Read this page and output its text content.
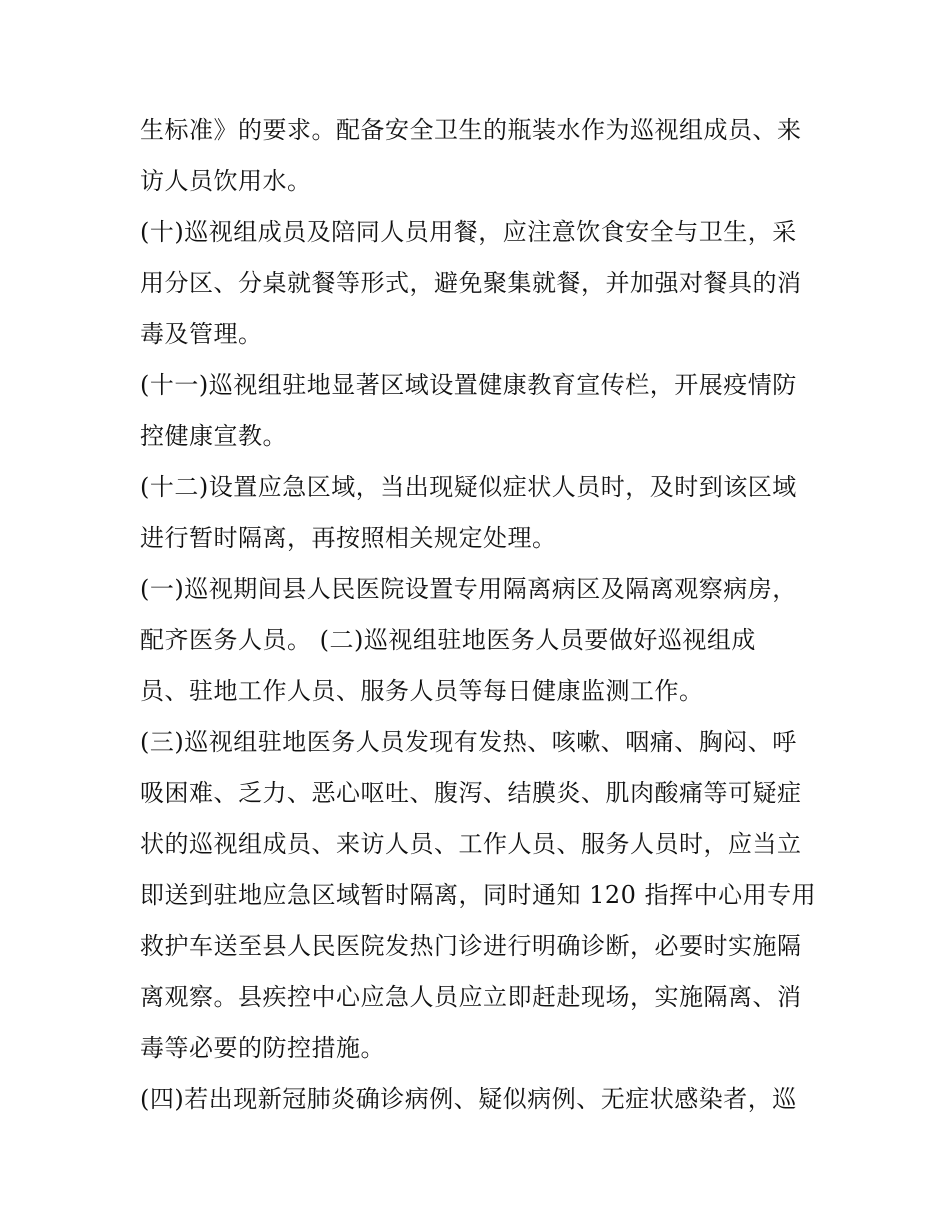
生标准》的要求。配备安全卫生的瓶装水作为巡视组成员、来

访人员饮用水。

(十)巡视组成员及陪同人员用餐，应注意饮食安全与卫生，采

用分区、分桌就餐等形式，避免聚集就餐，并加强对餐具的消

毒及管理。

(十一)巡视组驻地显著区域设置健康教育宣传栏，开展疫情防

控健康宣教。

(十二)设置应急区域，当出现疑似症状人员时，及时到该区域

进行暂时隔离，再按照相关规定处理。

(一)巡视期间县人民医院设置专用隔离病区及隔离观察病房，

配齐医务人员。 (二)巡视组驻地医务人员要做好巡视组成

员、驻地工作人员、服务人员等每日健康监测工作。

(三)巡视组驻地医务人员发现有发热、咳嗽、咽痛、胸闷、呼

吸困难、乏力、恶心呕吐、腹泻、结膜炎、肌肉酸痛等可疑症

状的巡视组成员、来访人员、工作人员、服务人员时，应当立

即送到驻地应急区域暂时隔离，同时通知 120 指挥中心用专用

救护车送至县人民医院发热门诊进行明确诊断，必要时实施隔

离观察。县疾控中心应急人员应立即赶赴现场，实施隔离、消

毒等必要的防控措施。

(四)若出现新冠肺炎确诊病例、疑似病例、无症状感染者，巡
